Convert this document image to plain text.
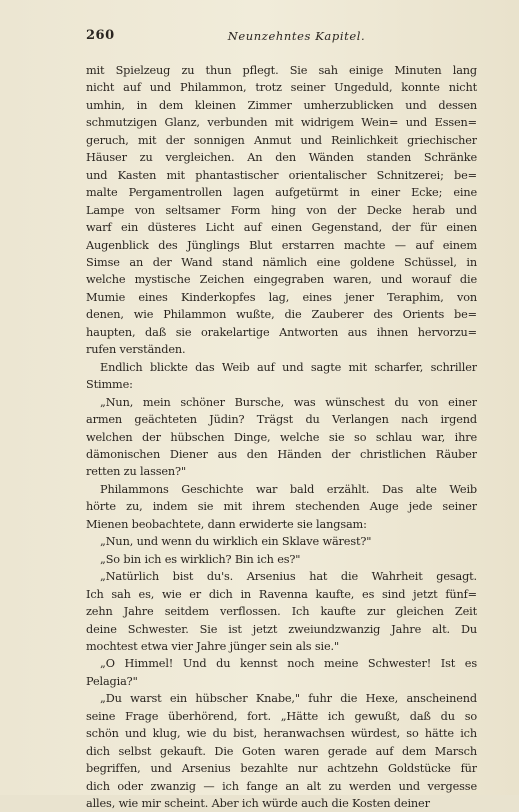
260	Neunzehntes Kapitel.

mit Spielzeug zu thun pflegt. Sie sah einige Minuten lang
nicht auf und Philammon, trotz seiner Ungeduld, konnte nicht
umhin, in dem kleinen Zimmer umherzublicken und dessen
schmutzigen Glanz, verbunden mit widrigem Wein= und Essen=
geruch, mit der sonnigen Anmut und Reinlichkeit griechischer
Häuser zu vergleichen. An den Wänden standen Schränke
und Kasten mit phantastischer orientalischer Schnitzerei; be=
malte Pergamentrollen lagen aufgetürmt in einer Ecke; eine
Lampe von seltsamer Form hing von der Decke herab und
warf ein düsteres Licht auf einen Gegenstand, der für einen
Augenblick des Jünglings Blut erstarren machte — auf einem
Simse an der Wand stand nämlich eine goldene Schüssel, in
welche mystische Zeichen eingegraben waren, und worauf die
Mumie eines Kinderkopfes lag, eines jener Teraphim, von
denen, wie Philammon wußte, die Zauberer des Orients be=
haupten, daß sie orakelartige Antworten aus ihnen hervorzu=
rufen verständen.

Endlich blickte das Weib auf und sagte mit scharfer, schriller
Stimme:

„Nun, mein schöner Bursche, was wünschest du von einer
armen geächteten Jüdin? Trägst du Verlangen nach irgend
welchen der hübschen Dinge, welche sie so schlau war, ihre
dämonischen Diener aus den Händen der christlichen Räuber
retten zu lassen?"

Philammons Geschichte war bald erzählt. Das alte Weib
hörte zu, indem sie mit ihrem stechenden Auge jede seiner
Mienen beobachtete, dann erwiderte sie langsam:

„Nun, und wenn du wirklich ein Sklave wärest?"

„So bin ich es wirklich? Bin ich es?"

„Natürlich bist du's. Arsenius hat die Wahrheit gesagt.
Ich sah es, wie er dich in Ravenna kaufte, es sind jetzt fünf=
zehn Jahre seitdem verflossen. Ich kaufte zur gleichen Zeit
deine Schwester. Sie ist jetzt zweiundzwanzig Jahre alt. Du
mochtest etwa vier Jahre jünger sein als sie."

„O Himmel! Und du kennst noch meine Schwester! Ist es
Pelagia?"

„Du warst ein hübscher Knabe," fuhr die Hexe, anscheinend
seine Frage überhörend, fort. „Hätte ich gewußt, daß du so
schön und klug, wie du bist, heranwachsen würdest, so hätte ich
dich selbst gekauft. Die Goten waren gerade auf dem Marsch
begriffen, und Arsenius bezahlte nur achtzehn Goldstücke für
dich oder zwanzig — ich fange an alt zu werden und vergesse
alles, wie mir scheint. Aber ich würde auch die Kosten deiner
